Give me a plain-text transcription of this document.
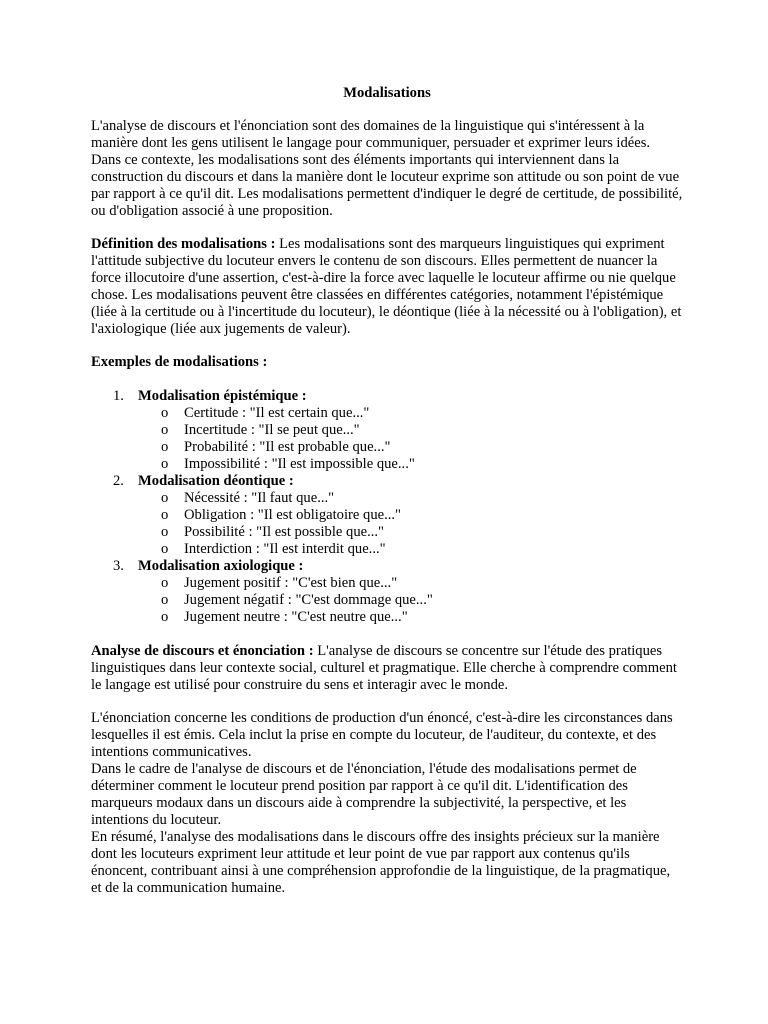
Modalisations

L'analyse de discours et l'énonciation sont des domaines de la linguistique qui s'intéressent à la manière dont les gens utilisent le langage pour communiquer, persuader et exprimer leurs idées. Dans ce contexte, les modalisations sont des éléments importants qui interviennent dans la construction du discours et dans la manière dont le locuteur exprime son attitude ou son point de vue par rapport à ce qu'il dit. Les modalisations permettent d'indiquer le degré de certitude, de possibilité, ou d'obligation associé à une proposition.

Définition des modalisations : Les modalisations sont des marqueurs linguistiques qui expriment l'attitude subjective du locuteur envers le contenu de son discours. Elles permettent de nuancer la force illocutoire d'une assertion, c'est-à-dire la force avec laquelle le locuteur affirme ou nie quelque chose. Les modalisations peuvent être classées en différentes catégories, notamment l'épistémique (liée à la certitude ou à l'incertitude du locuteur), le déontique (liée à la nécessité ou à l'obligation), et l'axiologique (liée aux jugements de valeur).

Exemples de modalisations :

1. Modalisation épistémique :
o Certitude : "Il est certain que..."
o Incertitude : "Il se peut que..."
o Probabilité : "Il est probable que..."
o Impossibilité : "Il est impossible que..."
2. Modalisation déontique :
o Nécessité : "Il faut que..."
o Obligation : "Il est obligatoire que..."
o Possibilité : "Il est possible que..."
o Interdiction : "Il est interdit que..."
3. Modalisation axiologique :
o Jugement positif : "C'est bien que..."
o Jugement négatif : "C'est dommage que..."
o Jugement neutre : "C'est neutre que..."

Analyse de discours et énonciation : L'analyse de discours se concentre sur l'étude des pratiques linguistiques dans leur contexte social, culturel et pragmatique. Elle cherche à comprendre comment le langage est utilisé pour construire du sens et interagir avec le monde.

L'énonciation concerne les conditions de production d'un énoncé, c'est-à-dire les circonstances dans lesquelles il est émis. Cela inclut la prise en compte du locuteur, de l'auditeur, du contexte, et des intentions communicatives.

Dans le cadre de l'analyse de discours et de l'énonciation, l'étude des modalisations permet de déterminer comment le locuteur prend position par rapport à ce qu'il dit. L'identification des marqueurs modaux dans un discours aide à comprendre la subjectivité, la perspective, et les intentions du locuteur.

En résumé, l'analyse des modalisations dans le discours offre des insights précieux sur la manière dont les locuteurs expriment leur attitude et leur point de vue par rapport aux contenus qu'ils énoncent, contribuant ainsi à une compréhension approfondie de la linguistique, de la pragmatique, et de la communication humaine.
